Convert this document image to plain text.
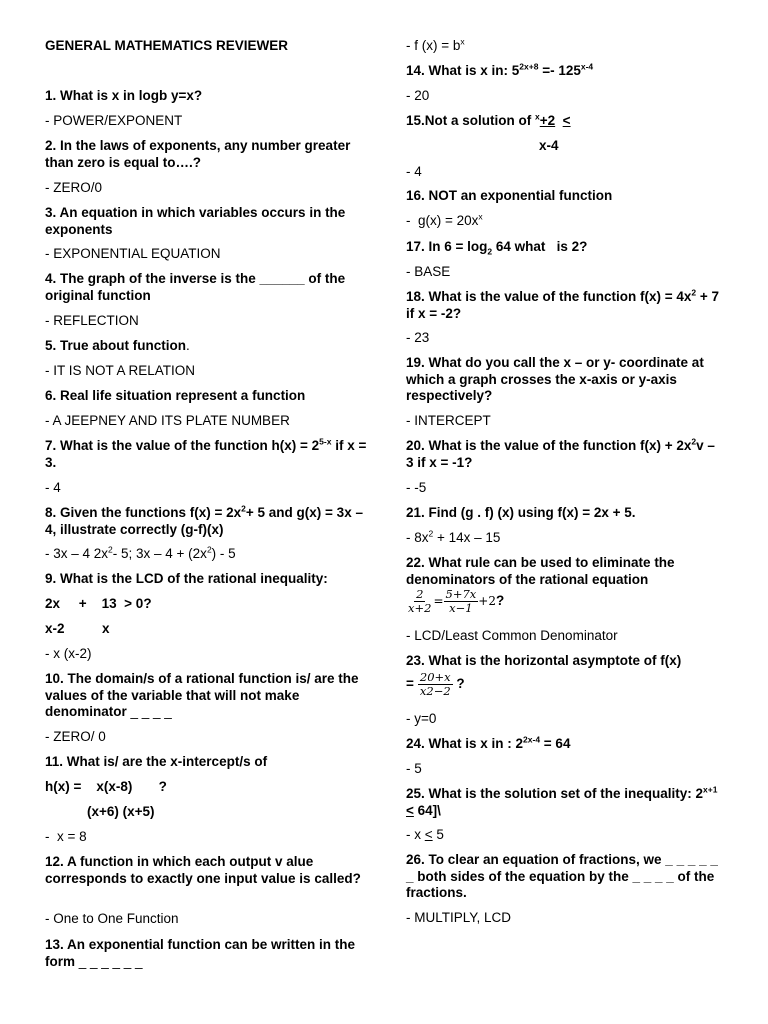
GENERAL MATHEMATICS REVIEWER
1. What is x in logb y=x?
- POWER/EXPONENT
2. In the laws of exponents, any number greater than zero is equal to….?
- ZERO/0
3. An equation in which variables occurs in the exponents
- EXPONENTIAL EQUATION
4. The graph of the inverse is the ______ of the original function
- REFLECTION
5. True about function.
- IT IS NOT A RELATION
6. Real life situation represent a function
- A JEEPNEY AND ITS PLATE NUMBER
7. What is the value of the function $h(x) = 2^{5-x}$ if x = 3.
- 4
8. Given the functions $f(x) = 2x^2+ 5$ and g(x) = 3x – 4, illustrate correctly (g-f)(x)
- 3x – 4 $2x^2-$ 5; $3x - 4 + (2x^2) - 5$
9. What is the LCD of the rational inequality:
2x     +    13  > 0?
x-2          x
- x (x-2)
10. The domain/s of a rational function is/ are the values of the variable that will not make denominator _ _ _ _
- ZERO/ 0
11. What is/ are the x-intercept/s of
h(x) =    x(x-8)       ?
(x+6) (x+5)
-  x = 8
12. A function in which each output v alue corresponds to exactly one input value is called?
- One to One Function
13. An exponential function can be written in the form _ _ _ _ _ _
- f $(x) = b^x$
14. What is x in: $5^{2x+8} =- 125^{x-4}$
- 20
15.Not a solution of $^x$+2 <
x-4
- 4
16. NOT an exponential function
-  $g(x) = 20x^x$
17. In $6 = \log_2 64$ what   is 2?
- BASE
18. What is the value of the function $f(x) = 4x^2 + 7$ if x = -2?
- 23
19. What do you call the x – or y- coordinate at which a graph crosses the x-axis or y-axis respectively?
- INTERCEPT
20. What is the value of the function $f(x) + 2x^2v - 3$ if x = -1?
- -5
21. Find (g . f) (x) using f(x) = 2x + 5.
- $8x^2 + 14x - 15$
22. What rule can be used to eliminate the denominators of the rational equation
$\frac{2}{x+2} = \frac{5+7x}{x-1} +2$ ?
- LCD/Least Common Denominator
23. What is the horizontal asymptote of f(x)
= $\frac{20+x}{x2-2}$ ?
- y=0
24. What is x in : $2^{2x-4} = 64$
- 5
25. What is the solution set of the inequality: $2^{x+1}$ < 64]\
- x < 5
26. To clear an equation of fractions, we _ _ _ _ _ _ both sides of the equation by the _ _ _ _ of the fractions.
- MULTIPLY, LCD
